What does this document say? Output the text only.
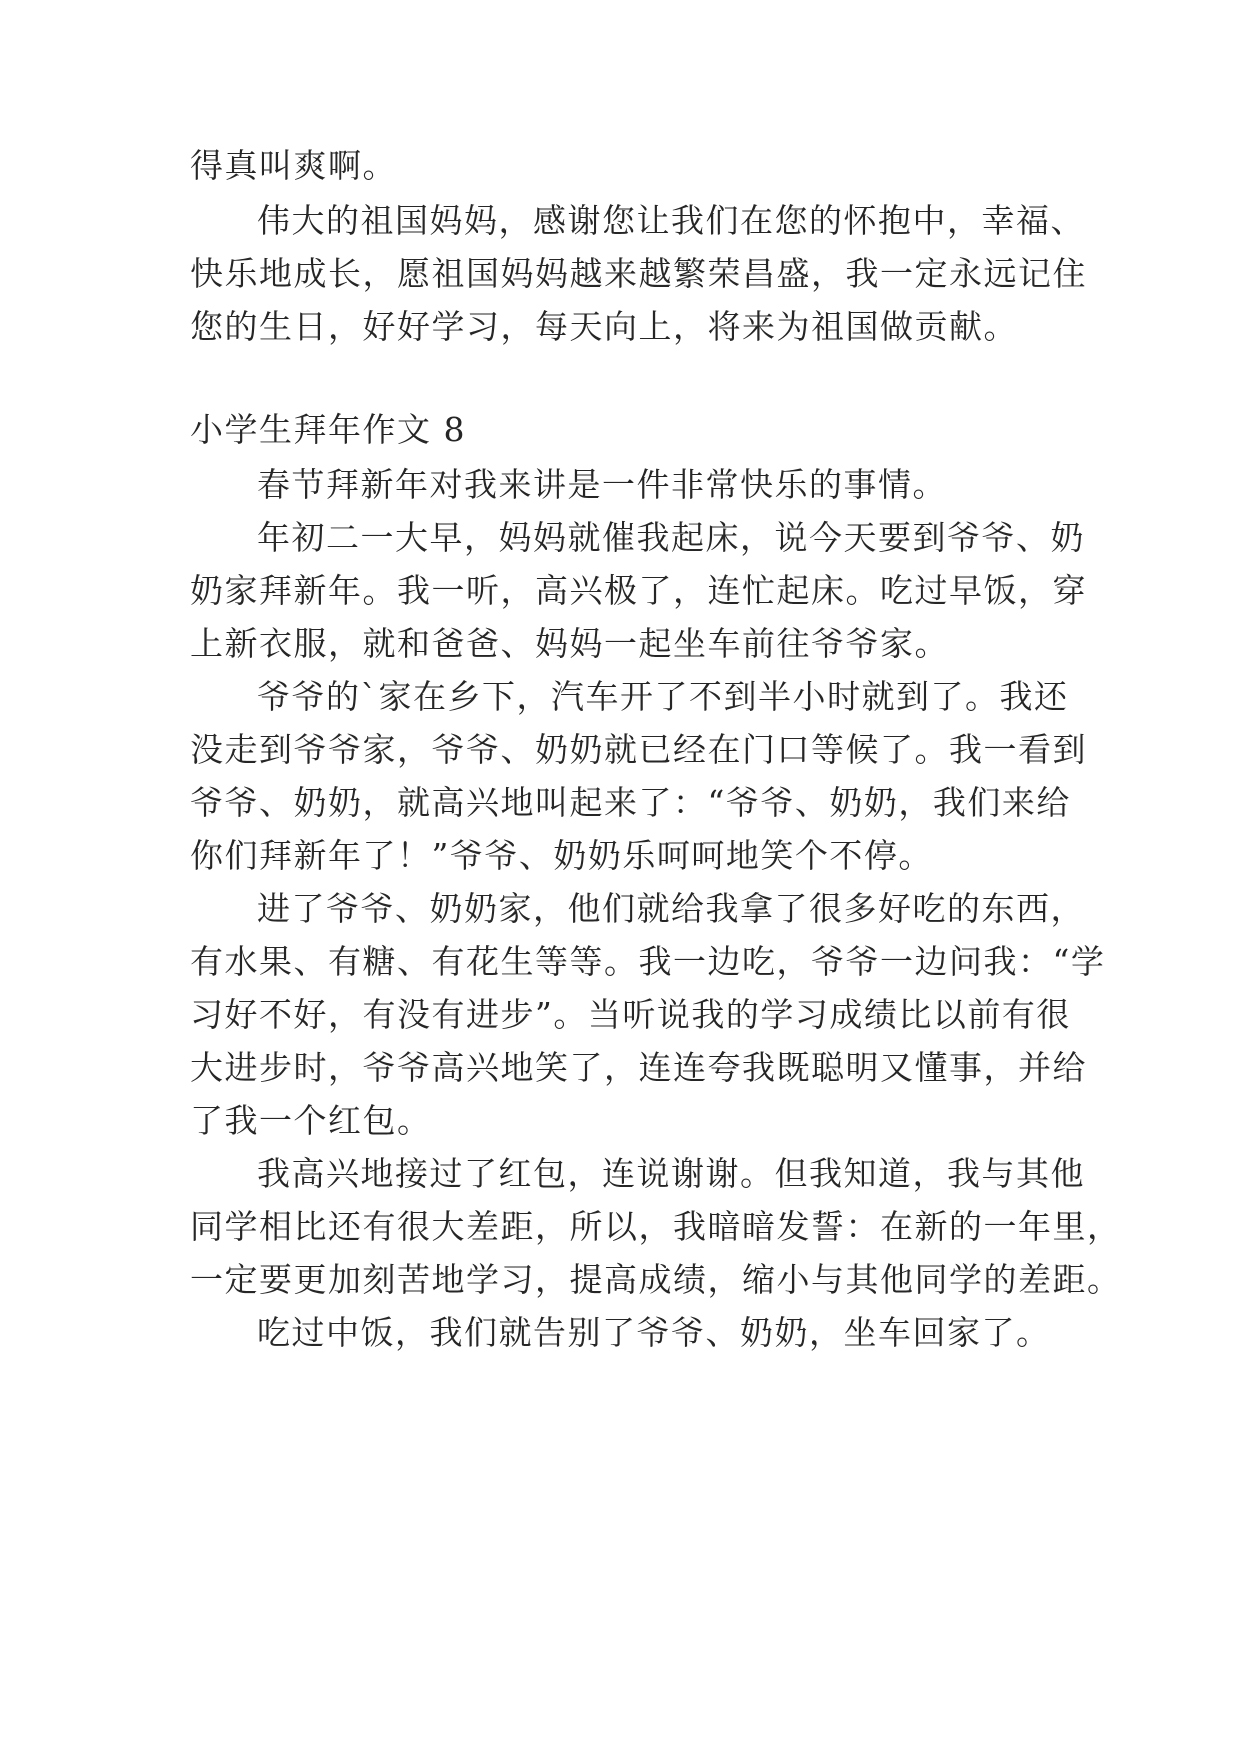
得真叫爽啊。
伟大的祖国妈妈，感谢您让我们在您的怀抱中，幸福、
快乐地成长，愿祖国妈妈越来越繁荣昌盛，我一定永远记住
您的生日，好好学习，每天向上，将来为祖国做贡献。
小学生拜年作文 8
春节拜新年对我来讲是一件非常快乐的事情。
年初二一大早，妈妈就催我起床，说今天要到爷爷、奶
奶家拜新年。我一听，高兴极了，连忙起床。吃过早饭，穿
上新衣服，就和爸爸、妈妈一起坐车前往爷爷家。
爷爷的`家在乡下，汽车开了不到半小时就到了。我还
没走到爷爷家，爷爷、奶奶就已经在门口等候了。我一看到
爷爷、奶奶，就高兴地叫起来了：“爷爷、奶奶，我们来给
你们拜新年了！”爷爷、奶奶乐呵呵地笑个不停。
进了爷爷、奶奶家，他们就给我拿了很多好吃的东西，
有水果、有糖、有花生等等。我一边吃，爷爷一边问我：“学
习好不好，有没有进步”。当听说我的学习成绩比以前有很
大进步时，爷爷高兴地笑了，连连夸我既聪明又懂事，并给
了我一个红包。
我高兴地接过了红包，连说谢谢。但我知道，我与其他
同学相比还有很大差距，所以，我暗暗发誓：在新的一年里，
一定要更加刻苦地学习，提高成绩，缩小与其他同学的差距。
吃过中饭，我们就告别了爷爷、奶奶，坐车回家了。
